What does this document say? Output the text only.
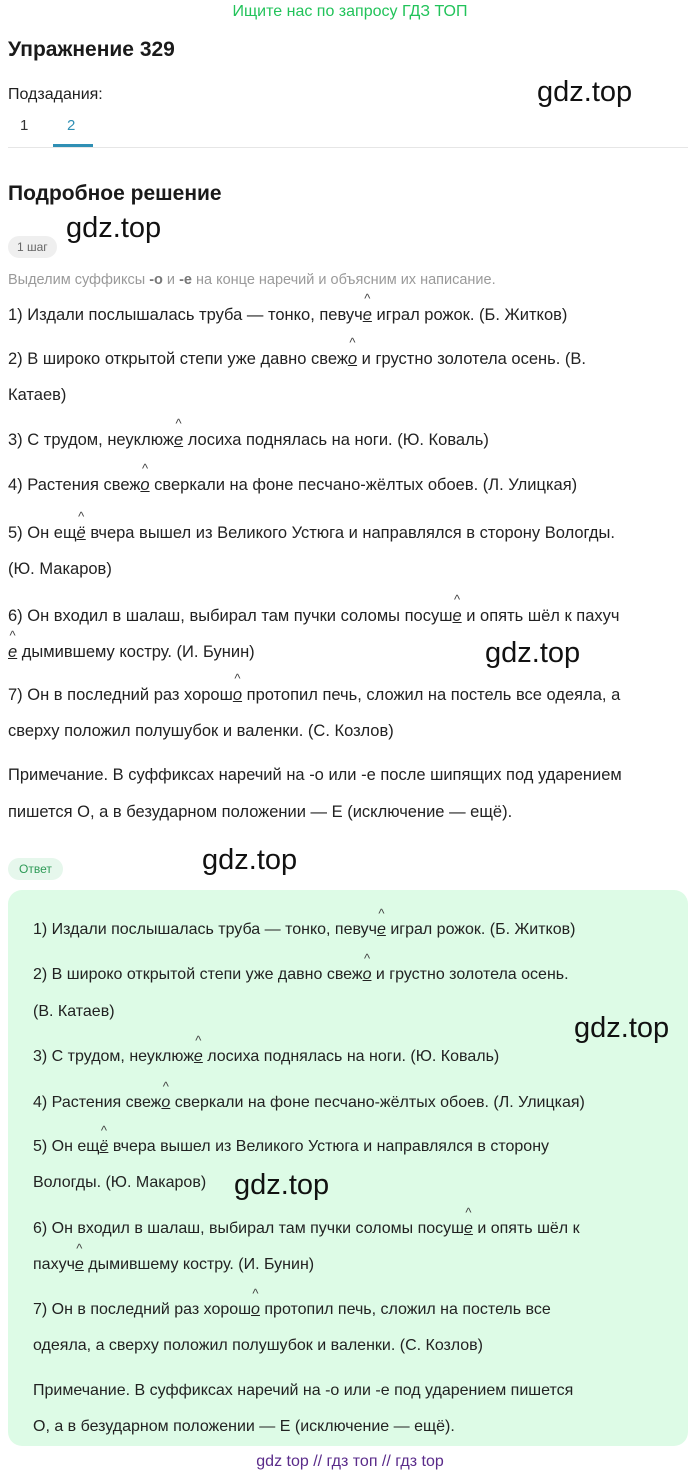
Ищите нас по запросу ГДЗ ТОП
Упражнение 329
Подзадания:
1	2
Подробное решение
1 шаг
Выделим суффиксы -о и -е на конце наречий и объясним их написание.
1) Издали послышалась труба — тонко, певуч^ е играл рожок. (Б. Житков)
2) В широко открытой степи уже давно свеж^ о и грустно золотела осень. (В.
Катаев)
3) С трудом, неуклюж^ е лосиха поднялась на ноги. (Ю. Коваль)
4) Растения свеж^ о сверкали на фоне песчано-жёлтых обоев. (Л. Улицкая)
5) Он ещ^ ё вчера вышел из Великого Устюга и направлялся в сторону Вологды.
(Ю. Макаров)
6) Он входил в шалаш, выбирал там пучки соломы посуш^ е и опять шёл к пахуч
^ е дымившему костру. (И. Бунин)
7) Он в последний раз хорош^ о протопил печь, сложил на постель все одеяла, а
сверху положил полушубок и валенки. (С. Козлов)
Примечание. В суффиксах наречий на -о или -е после шипящих под ударением
пишется О, а в безударном положении — Е (исключение — ещё).
Ответ
1) Издали послышалась труба — тонко, певуч^ е играл рожок. (Б. Житков)
2) В широко открытой степи уже давно свеж^ о и грустно золотела осень.
(В. Катаев)
3) С трудом, неуклюж^ е лосиха поднялась на ноги. (Ю. Коваль)
4) Растения свеж^ о сверкали на фоне песчано-жёлтых обоев. (Л. Улицкая)
5) Он ещ^ ё вчера вышел из Великого Устюга и направлялся в сторону
Вологды. (Ю. Макаров)
6) Он входил в шалаш, выбирал там пучки соломы посуш^ е и опять шёл к
пахуч^ е дымившему костру. (И. Бунин)
7) Он в последний раз хорош^ о протопил печь, сложил на постель все
одеяла, а сверху положил полушубок и валенки. (С. Козлов)
Примечание. В суффиксах наречий на -о или -е под ударением пишется
О, а в безударном положении — Е (исключение — ещё).
gdz.top
gdz.top
gdz.top
gdz.top
gdz.top
gdz.top
gdz top // гдз топ // гдз top
